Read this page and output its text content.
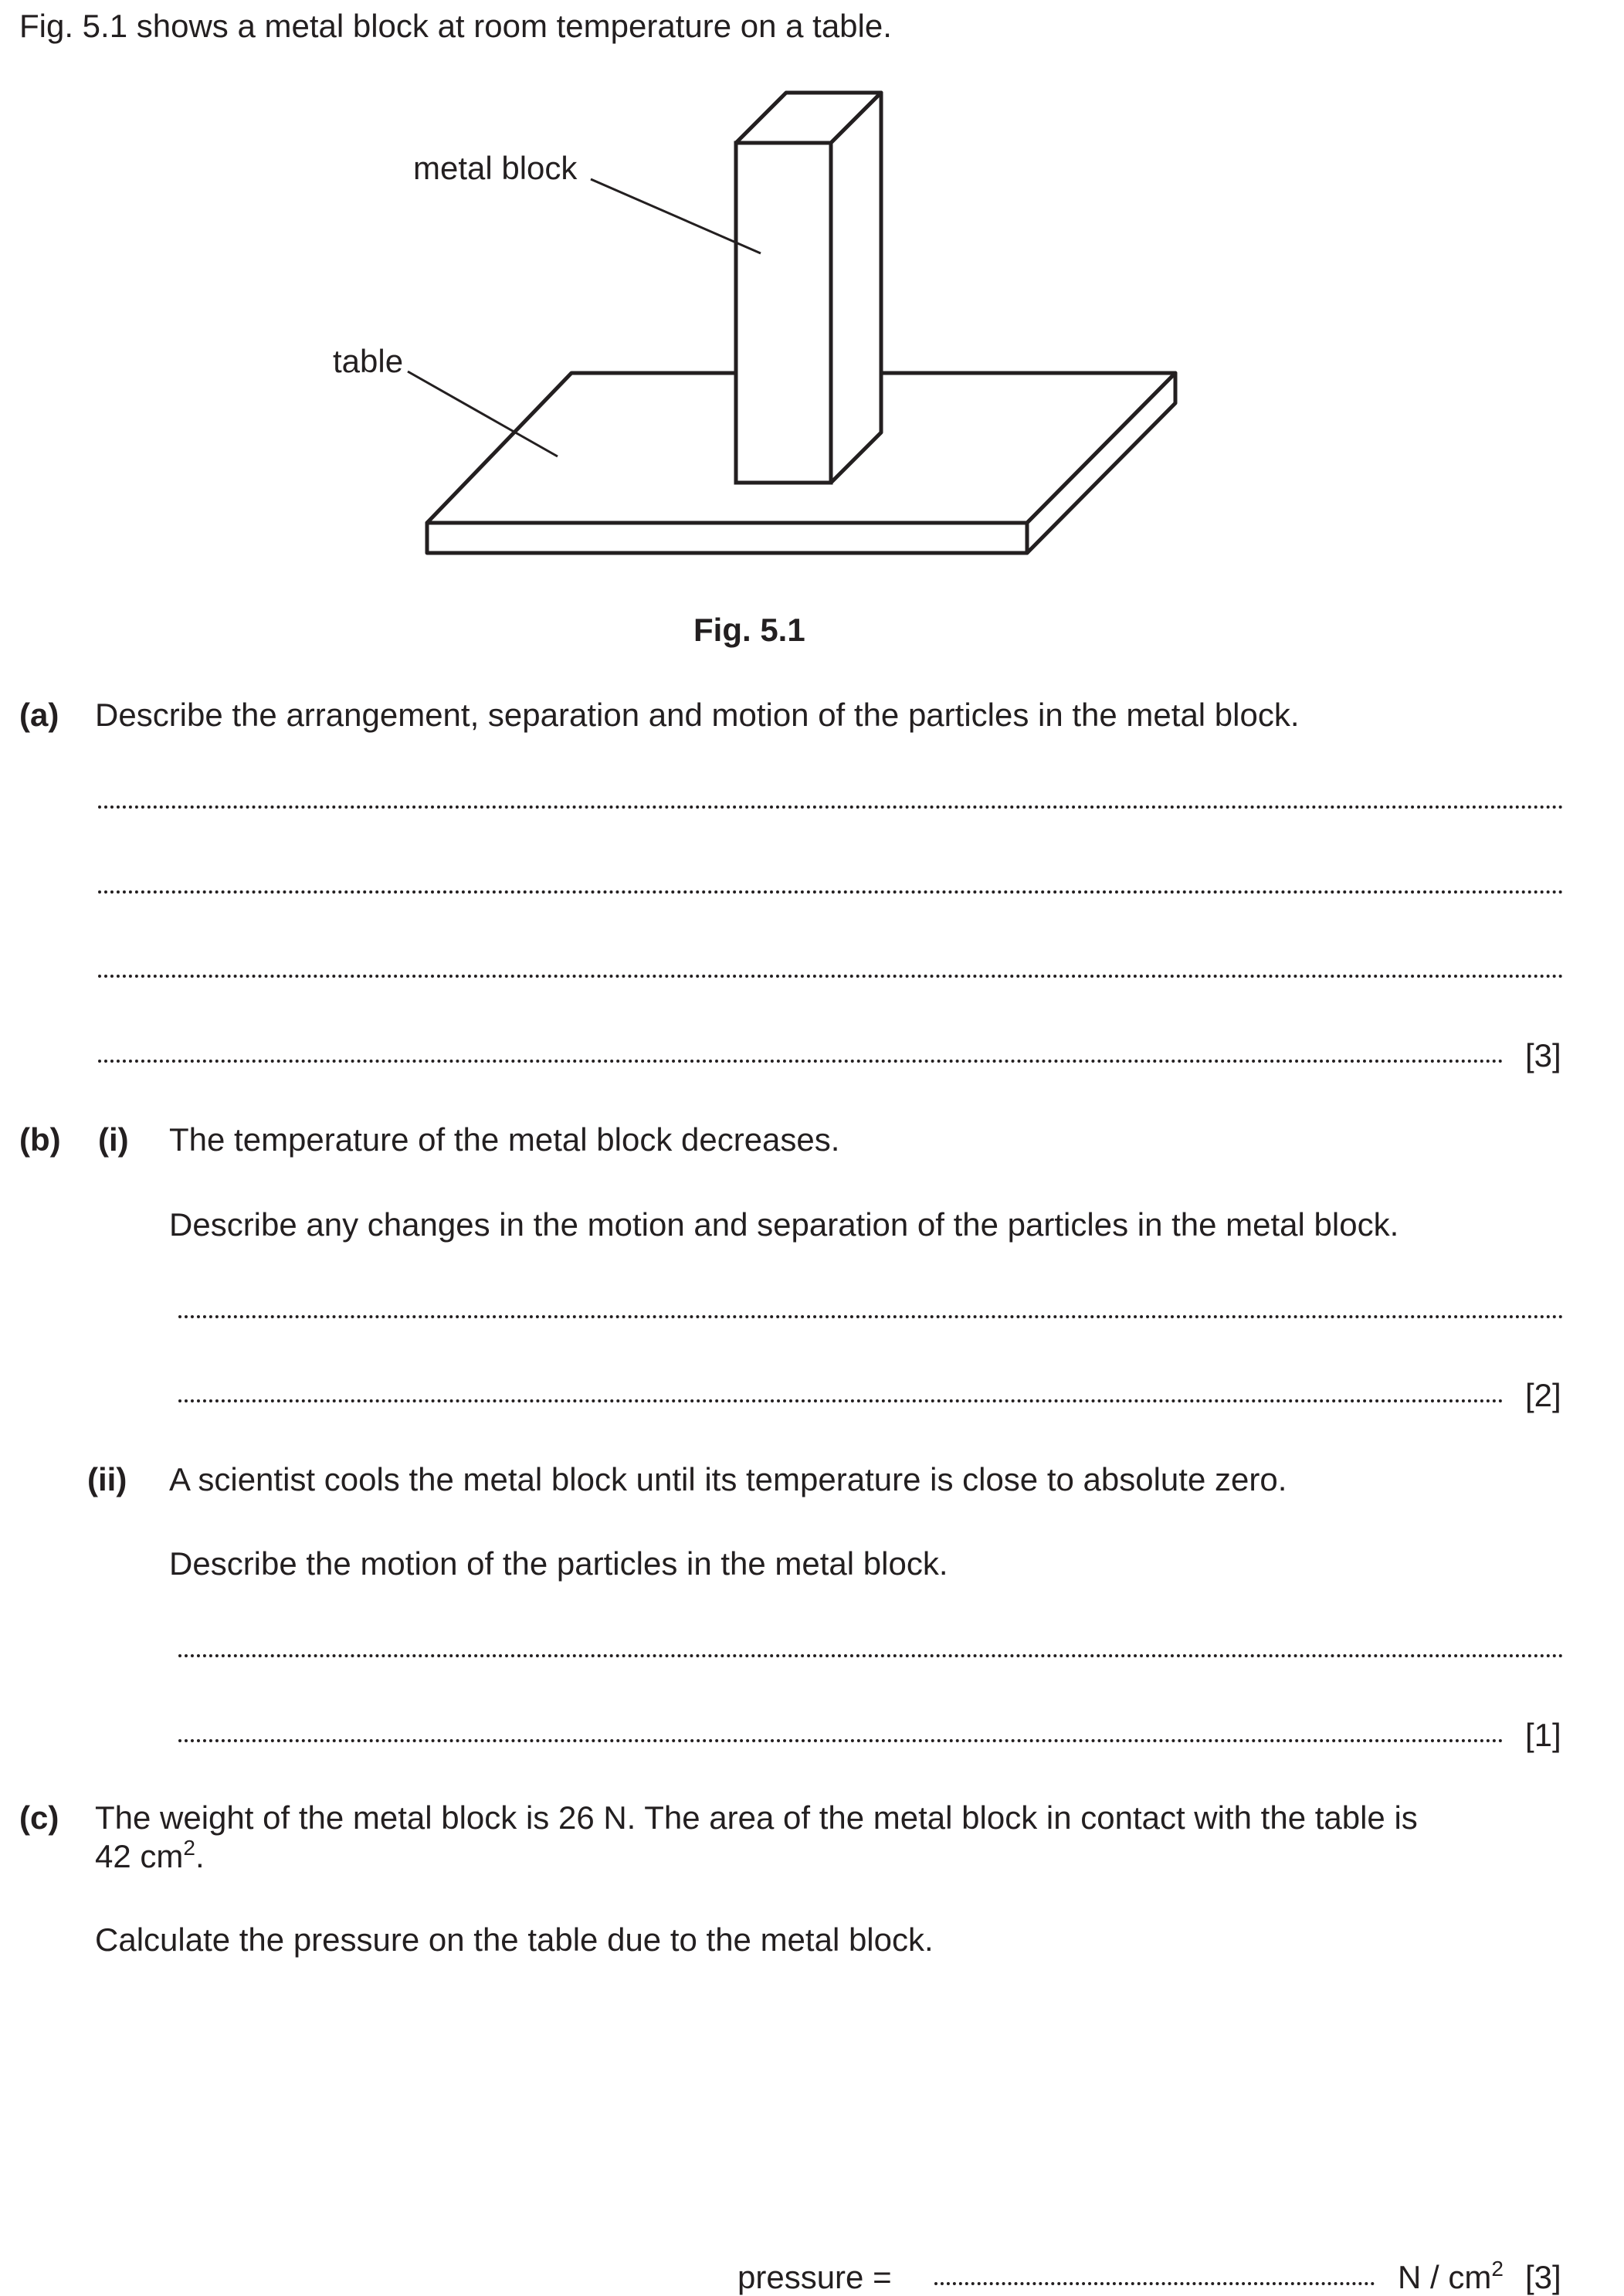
Fig. 5.1 shows a metal block at room temperature on a table.
metal block
table
Fig. 5.1
(a) Describe the arrangement, separation and motion of the particles in the metal block.
[3]
(b) (i) The temperature of the metal block decreases.
Describe any changes in the motion and separation of the particles in the metal block.
[2]
(ii) A scientist cools the metal block until its temperature is close to absolute zero.
Describe the motion of the particles in the metal block.
[1]
(c) The weight of the metal block is 26 N. The area of the metal block in contact with the table is
42 $cm^2$.
Calculate the pressure on the table due to the metal block.
pressure =	N / $cm^2$ [3]
